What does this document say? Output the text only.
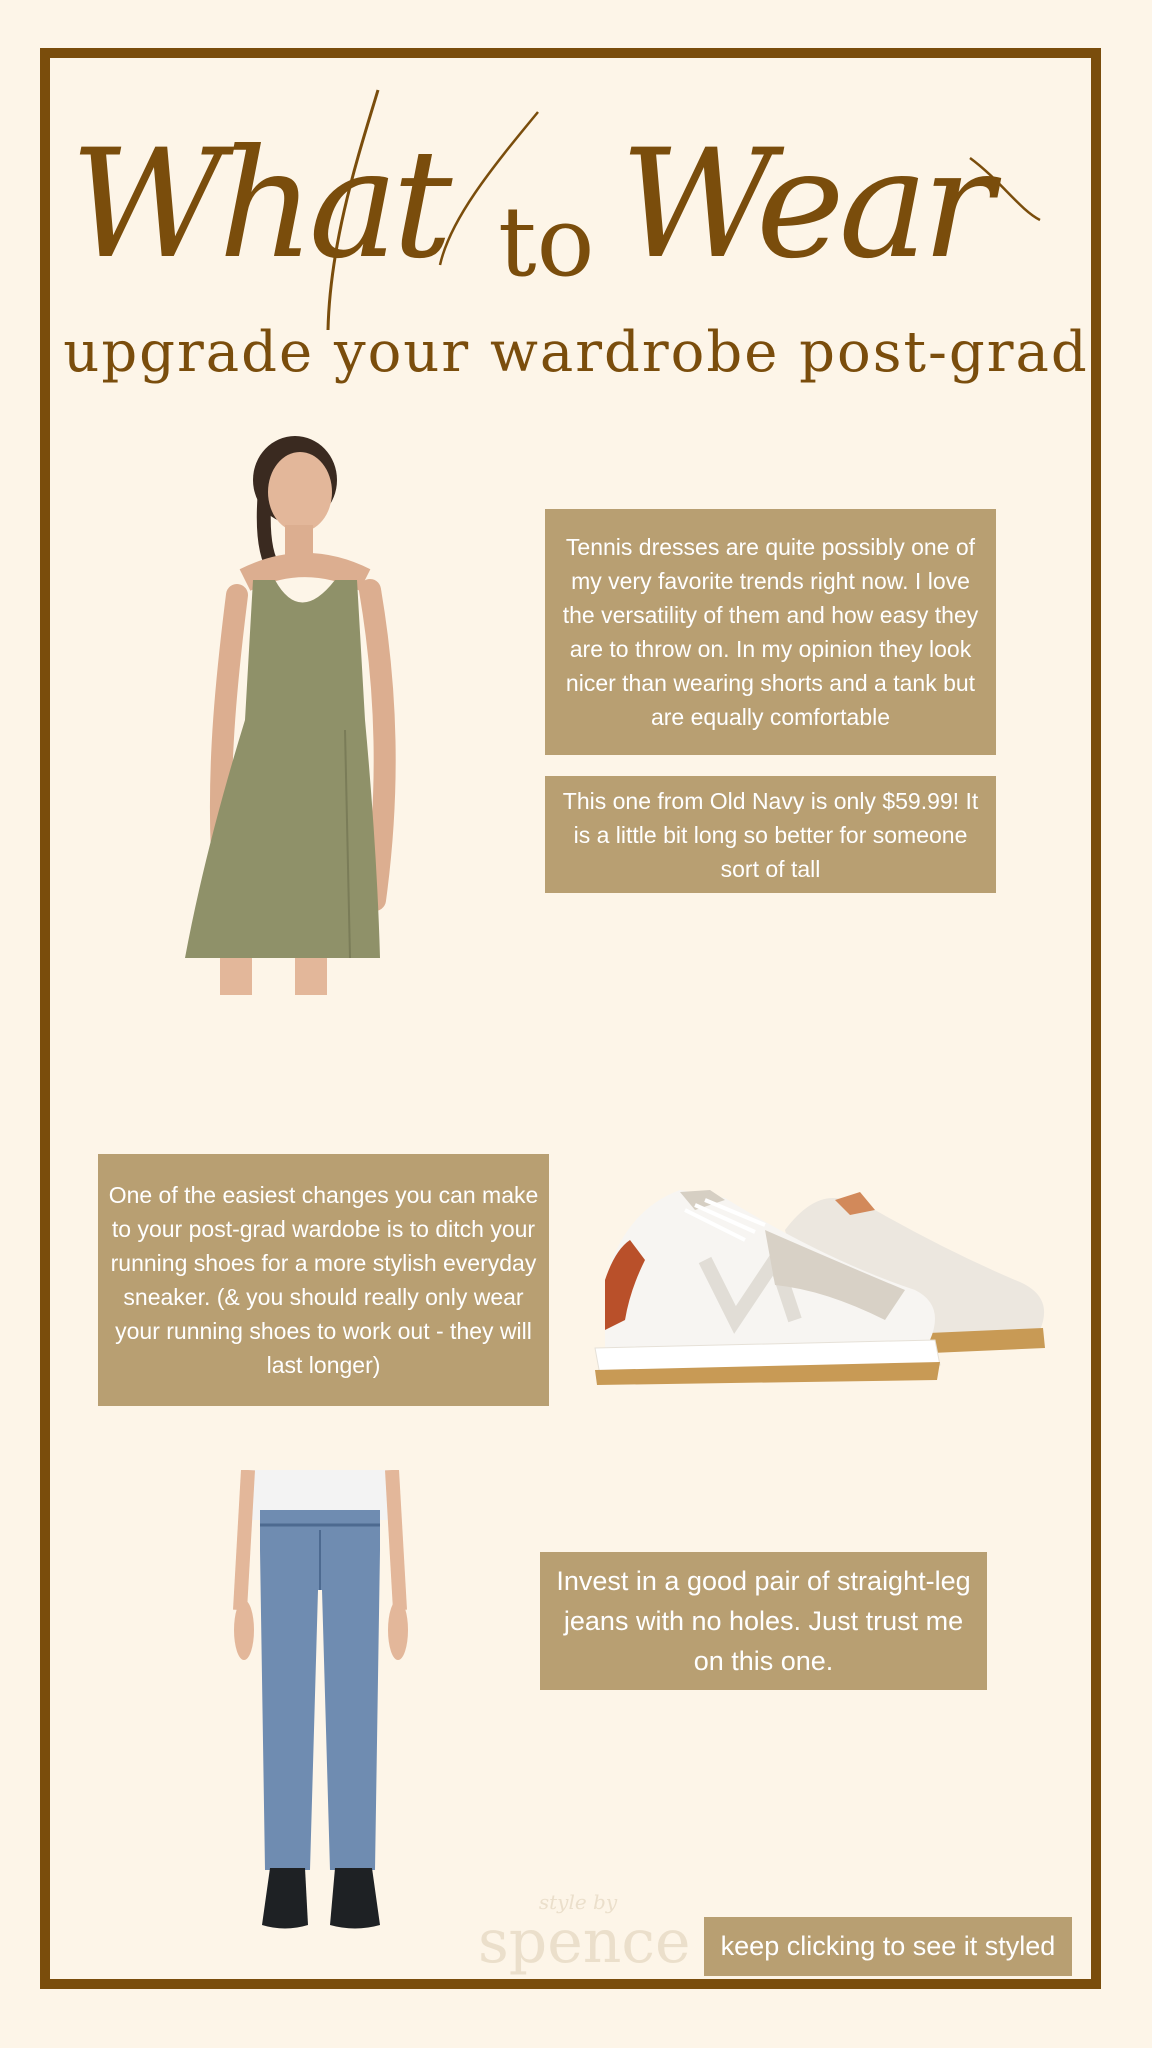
What to Wear
upgrade your wardrobe post-grad
Tennis dresses are quite possibly one of my very favorite trends right now. I love the versatility of them and how easy they are to throw on. In my opinion they look nicer than wearing shorts and a tank but are equally comfortable
This one from Old Navy is only $59.99! It is a little bit long so better for someone sort of tall
One of the easiest changes you can make to your post-grad wardobe is to ditch your running shoes for a more stylish everyday sneaker. (& you should really only wear your running shoes to work out - they will last longer)
Invest in a good pair of straight-leg jeans with no holes. Just trust me on this one.
style by
spence keep clicking to see it styled
